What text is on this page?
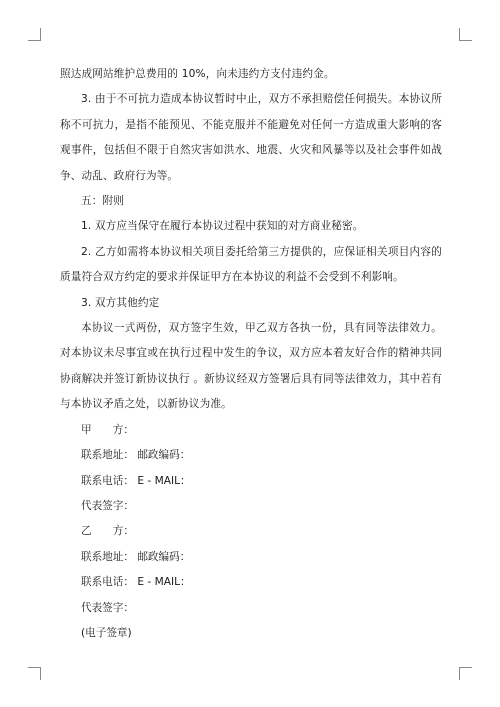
照达成网站维护总费用的 10%，向未违约方支付违约金。

3. 由于不可抗力造成本协议暂时中止，双方不承担赔偿任何损失。本协议所称不可抗力，是指不能预见、不能克服并不能避免对任何一方造成重大影响的客观事件，包括但不限于自然灾害如洪水、地震、火灾和风暴等以及社会事件如战争、动乱、政府行为等。

五：附则

1. 双方应当保守在履行本协议过程中获知的对方商业秘密。

2. 乙方如需将本协议相关项目委托给第三方提供的，应保证相关项目内容的质量符合双方约定的要求并保证甲方在本协议的利益不会受到不利影响。

3. 双方其他约定

本协议一式两份，双方签字生效，甲乙双方各执一份，具有同等法律效力。对本协议未尽事宜或在执行过程中发生的争议，双方应本着友好合作的精神共同协商解决并签订新协议执行 。新协议经双方签署后具有同等法律效力，其中若有与本协议矛盾之处，以新协议为准。

甲　　方：

联系地址： 邮政编码：

联系电话： E - MAIL：

代表签字：

乙　　方：

联系地址： 邮政编码：

联系电话： E - MAIL：

代表签字：

(电子签章)
